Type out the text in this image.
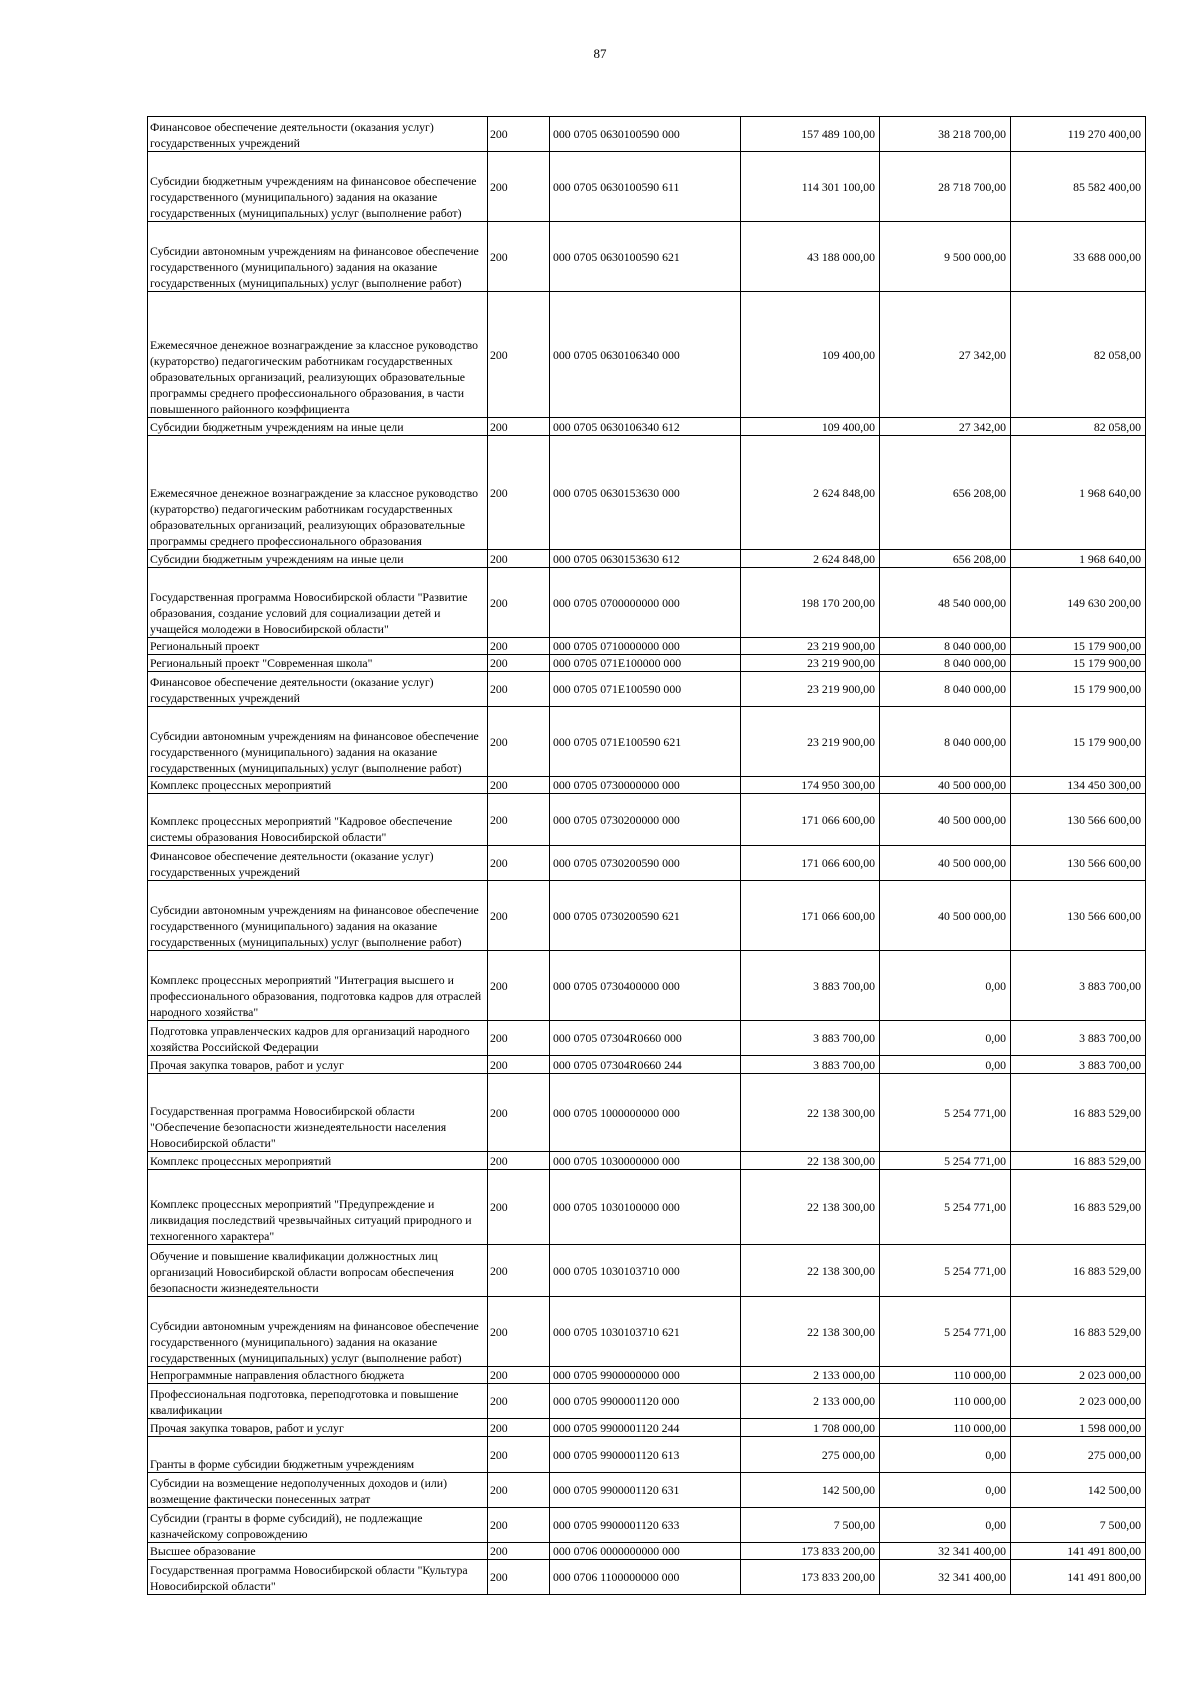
87
Финансовое обеспечение деятельности (оказания услуг) государственных учреждений	200	000 0705 0630100590 000	157 489 100,00	38 218 700,00	119 270 400,00
Субсидии бюджетным учреждениям на финансовое обеспечение государственного (муниципального) задания на оказание государственных (муниципальных) услуг (выполнение работ)	200	000 0705 0630100590 611	114 301 100,00	28 718 700,00	85 582 400,00
Субсидии автономным учреждениям на финансовое обеспечение государственного (муниципального) задания на оказание государственных (муниципальных) услуг (выполнение работ)	200	000 0705 0630100590 621	43 188 000,00	9 500 000,00	33 688 000,00
Ежемесячное денежное вознаграждение за классное руководство (кураторство) педагогическим работникам государственных образовательных организаций, реализующих образовательные программы среднего профессионального образования, в части повышенного районного коэффициента	200	000 0705 0630106340 000	109 400,00	27 342,00	82 058,00
Субсидии бюджетным учреждениям на иные цели	200	000 0705 0630106340 612	109 400,00	27 342,00	82 058,00
Ежемесячное денежное вознаграждение за классное руководство (кураторство) педагогическим работникам государственных образовательных организаций, реализующих образовательные программы среднего профессионального образования	200	000 0705 0630153630 000	2 624 848,00	656 208,00	1 968 640,00
Субсидии бюджетным учреждениям на иные цели	200	000 0705 0630153630 612	2 624 848,00	656 208,00	1 968 640,00
Государственная программа Новосибирской области "Развитие образования, создание условий для социализации детей и учащейся молодежи в Новосибирской области"	200	000 0705 0700000000 000	198 170 200,00	48 540 000,00	149 630 200,00
Региональный проект	200	000 0705 0710000000 000	23 219 900,00	8 040 000,00	15 179 900,00
Региональный проект "Современная школа"	200	000 0705 071E100000 000	23 219 900,00	8 040 000,00	15 179 900,00
Финансовое обеспечение деятельности (оказание услуг) государственных учреждений	200	000 0705 071E100590 000	23 219 900,00	8 040 000,00	15 179 900,00
Субсидии автономным учреждениям на финансовое обеспечение государственного (муниципального) задания на оказание государственных (муниципальных) услуг (выполнение работ)	200	000 0705 071E100590 621	23 219 900,00	8 040 000,00	15 179 900,00
Комплекс процессных мероприятий	200	000 0705 0730000000 000	174 950 300,00	40 500 000,00	134 450 300,00
Комплекс процессных мероприятий "Кадровое обеспечение системы образования Новосибирской области"	200	000 0705 0730200000 000	171 066 600,00	40 500 000,00	130 566 600,00
Финансовое обеспечение деятельности (оказание услуг) государственных учреждений	200	000 0705 0730200590 000	171 066 600,00	40 500 000,00	130 566 600,00
Субсидии автономным учреждениям на финансовое обеспечение государственного (муниципального) задания на оказание государственных (муниципальных) услуг (выполнение работ)	200	000 0705 0730200590 621	171 066 600,00	40 500 000,00	130 566 600,00
Комплекс процессных мероприятий "Интеграция высшего и профессионального образования, подготовка кадров для отраслей народного хозяйства"	200	000 0705 0730400000 000	3 883 700,00	0,00	3 883 700,00
Подготовка управленческих кадров для организаций народного хозяйства Российской Федерации	200	000 0705 07304R0660 000	3 883 700,00	0,00	3 883 700,00
Прочая закупка товаров, работ и услуг	200	000 0705 07304R0660 244	3 883 700,00	0,00	3 883 700,00
Государственная программа Новосибирской области "Обеспечение безопасности жизнедеятельности населения Новосибирской области"	200	000 0705 1000000000 000	22 138 300,00	5 254 771,00	16 883 529,00
Комплекс процессных мероприятий	200	000 0705 1030000000 000	22 138 300,00	5 254 771,00	16 883 529,00
Комплекс процессных мероприятий "Предупреждение и ликвидация последствий чрезвычайных ситуаций природного и техногенного характера"	200	000 0705 1030100000 000	22 138 300,00	5 254 771,00	16 883 529,00
Обучение и повышение квалификации должностных лиц организаций Новосибирской области вопросам обеспечения безопасности жизнедеятельности	200	000 0705 1030103710 000	22 138 300,00	5 254 771,00	16 883 529,00
Субсидии автономным учреждениям на финансовое обеспечение государственного (муниципального) задания на оказание государственных (муниципальных) услуг (выполнение работ)	200	000 0705 1030103710 621	22 138 300,00	5 254 771,00	16 883 529,00
Непрограммные направления областного бюджета	200	000 0705 9900000000 000	2 133 000,00	110 000,00	2 023 000,00
Профессиональная подготовка, переподготовка и повышение квалификации	200	000 0705 9900001120 000	2 133 000,00	110 000,00	2 023 000,00
Прочая закупка товаров, работ и услуг	200	000 0705 9900001120 244	1 708 000,00	110 000,00	1 598 000,00
Гранты в форме субсидии бюджетным учреждениям	200	000 0705 9900001120 613	275 000,00	0,00	275 000,00
Субсидии на возмещение недополученных доходов и (или) возмещение фактически понесенных затрат	200	000 0705 9900001120 631	142 500,00	0,00	142 500,00
Субсидии (гранты в форме субсидий), не подлежащие казначейскому сопровождению	200	000 0705 9900001120 633	7 500,00	0,00	7 500,00
Высшее образование	200	000 0706 0000000000 000	173 833 200,00	32 341 400,00	141 491 800,00
Государственная программа Новосибирской области "Культура Новосибирской области"	200	000 0706 1100000000 000	173 833 200,00	32 341 400,00	141 491 800,00
